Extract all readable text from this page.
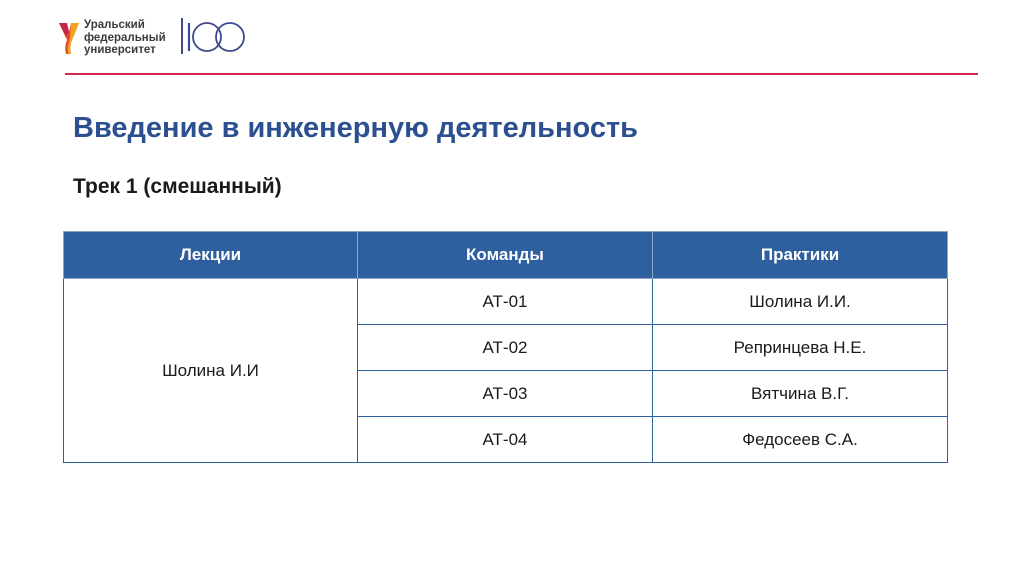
Уральский
федеральный
университет
Введение в инженерную деятельность
Трек 1 (смешанный)
Лекции	Команды	Практики
Шолина И.И	АТ-01	Шолина И.И.
	АТ-02	Репринцева Н.Е.
	АТ-03	Вятчина В.Г.
	АТ-04	Федосеев С.А.
